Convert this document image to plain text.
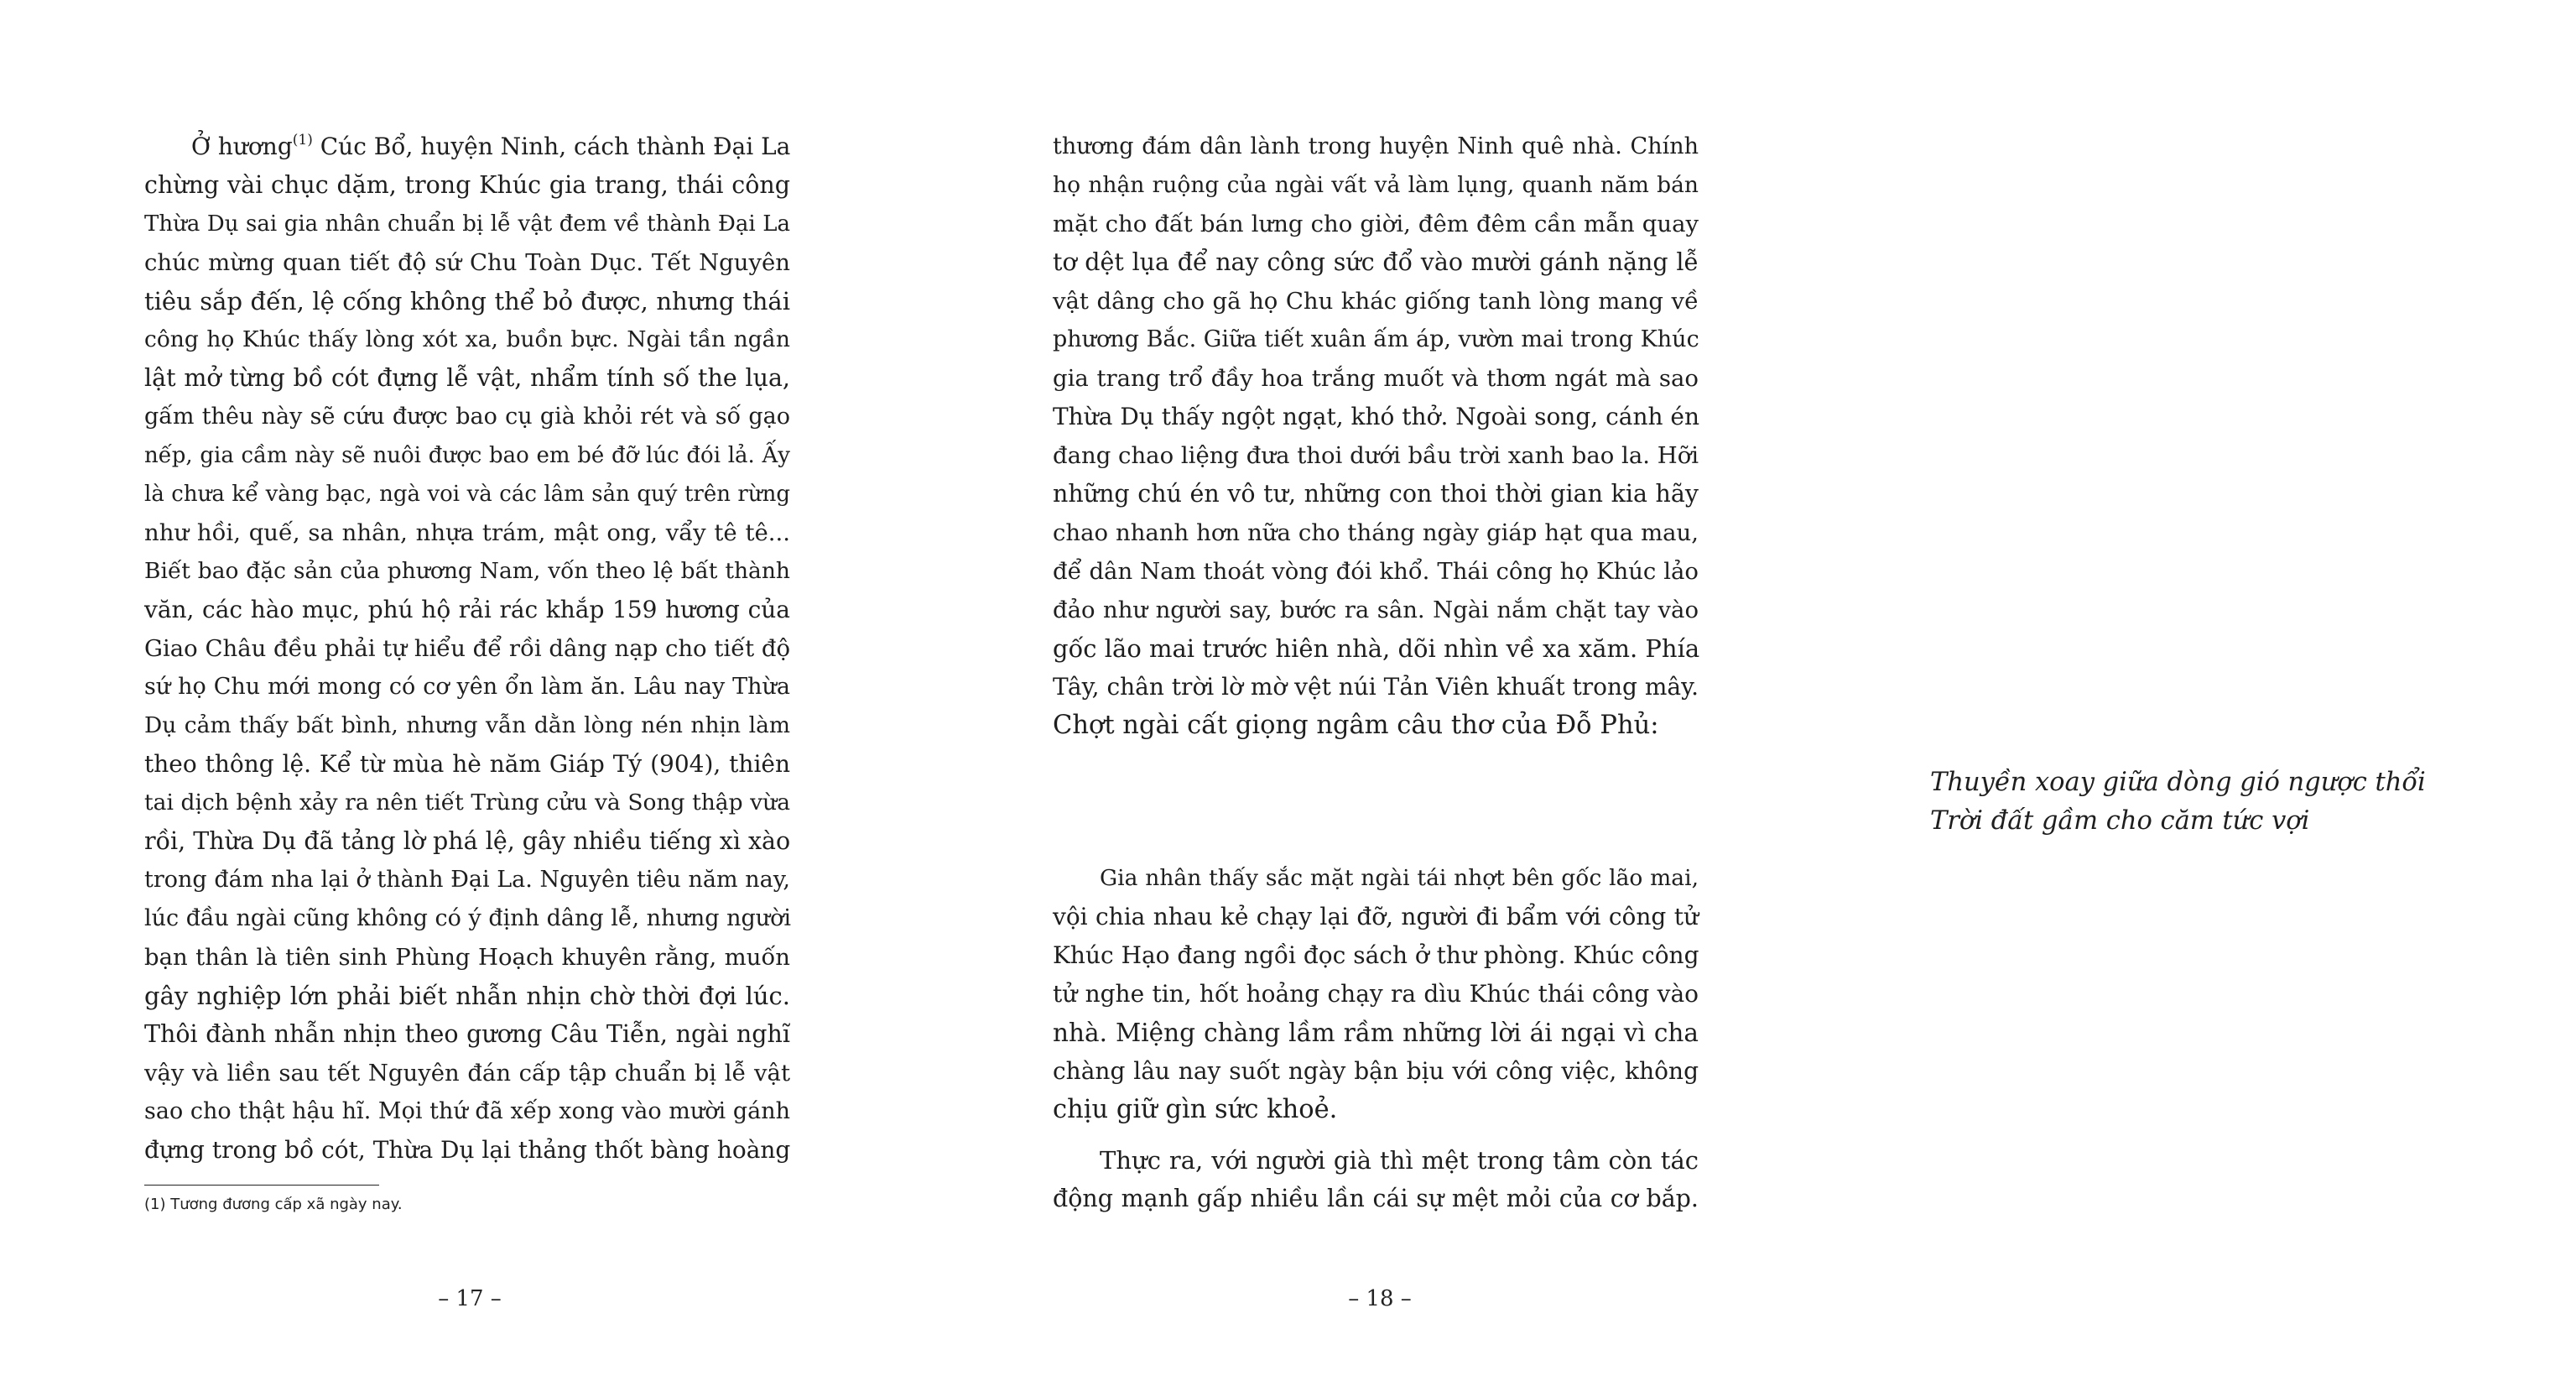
Ở hương$^{(1)}$ Cúc Bổ, huyện Ninh, cách thành Đại La
chừng vài chục dặm, trong Khúc gia trang, thái công
Thừa Dụ sai gia nhân chuẩn bị lễ vật đem về thành Đại La
chúc mừng quan tiết độ sứ Chu Toàn Dục. Tết Nguyên
tiêu sắp đến, lệ cống không thể bỏ được, nhưng thái
công họ Khúc thấy lòng xót xa, buồn bực. Ngài tần ngần
lật mở từng bồ cót đựng lễ vật, nhẩm tính số the lụa,
gấm thêu này sẽ cứu được bao cụ già khỏi rét và số gạo
nếp, gia cầm này sẽ nuôi được bao em bé đỡ lúc đói lả. Ấy
là chưa kể vàng bạc, ngà voi và các lâm sản quý trên rừng
như hồi, quế, sa nhân, nhựa trám, mật ong, vẩy tê tê...
Biết bao đặc sản của phương Nam, vốn theo lệ bất thành
văn, các hào mục, phú hộ rải rác khắp 159 hương của
Giao Châu đều phải tự hiểu để rồi dâng nạp cho tiết độ
sứ họ Chu mới mong có cơ yên ổn làm ăn. Lâu nay Thừa
Dụ cảm thấy bất bình, nhưng vẫn dằn lòng nén nhịn làm
theo thông lệ. Kể từ mùa hè năm Giáp Tý (904), thiên
tai dịch bệnh xảy ra nên tiết Trùng cửu và Song thập vừa
rồi, Thừa Dụ đã tảng lờ phá lệ, gây nhiều tiếng xì xào
trong đám nha lại ở thành Đại La. Nguyên tiêu năm nay,
lúc đầu ngài cũng không có ý định dâng lễ, nhưng người
bạn thân là tiên sinh Phùng Hoạch khuyên rằng, muốn
gây nghiệp lớn phải biết nhẫn nhịn chờ thời đợi lúc.
Thôi đành nhẫn nhịn theo gương Câu Tiễn, ngài nghĩ
vậy và liền sau tết Nguyên đán cấp tập chuẩn bị lễ vật
sao cho thật hậu hĩ. Mọi thứ đã xếp xong vào mười gánh
đựng trong bồ cót, Thừa Dụ lại thảng thốt bàng hoàng
(1) Tương đương cấp xã ngày nay.
– 17 –
thương đám dân lành trong huyện Ninh quê nhà. Chính
họ nhận ruộng của ngài vất vả làm lụng, quanh năm bán
mặt cho đất bán lưng cho giời, đêm đêm cần mẫn quay
tơ dệt lụa để nay công sức đổ vào mười gánh nặng lễ
vật dâng cho gã họ Chu khác giống tanh lòng mang về
phương Bắc. Giữa tiết xuân ấm áp, vườn mai trong Khúc
gia trang trổ đầy hoa trắng muốt và thơm ngát mà sao
Thừa Dụ thấy ngột ngạt, khó thở. Ngoài song, cánh én
đang chao liệng đưa thoi dưới bầu trời xanh bao la. Hỡi
những chú én vô tư, những con thoi thời gian kia hãy
chao nhanh hơn nữa cho tháng ngày giáp hạt qua mau,
để dân Nam thoát vòng đói khổ. Thái công họ Khúc lảo
đảo như người say, bước ra sân. Ngài nắm chặt tay vào
gốc lão mai trước hiên nhà, dõi nhìn về xa xăm. Phía
Tây, chân trời lờ mờ vệt núi Tản Viên khuất trong mây.
Chợt ngài cất giọng ngâm câu thơ của Đỗ Phủ:
Thuyền xoay giữa dòng gió ngược thổi
Trời đất gầm cho căm tức vợi
Gia nhân thấy sắc mặt ngài tái nhợt bên gốc lão mai,
vội chia nhau kẻ chạy lại đỡ, người đi bẩm với công tử
Khúc Hạo đang ngồi đọc sách ở thư phòng. Khúc công
tử nghe tin, hốt hoảng chạy ra dìu Khúc thái công vào
nhà. Miệng chàng lầm rầm những lời ái ngại vì cha
chàng lâu nay suốt ngày bận bịu với công việc, không
chịu giữ gìn sức khoẻ.
Thực ra, với người già thì mệt trong tâm còn tác
động mạnh gấp nhiều lần cái sự mệt mỏi của cơ bắp.
– 18 –
